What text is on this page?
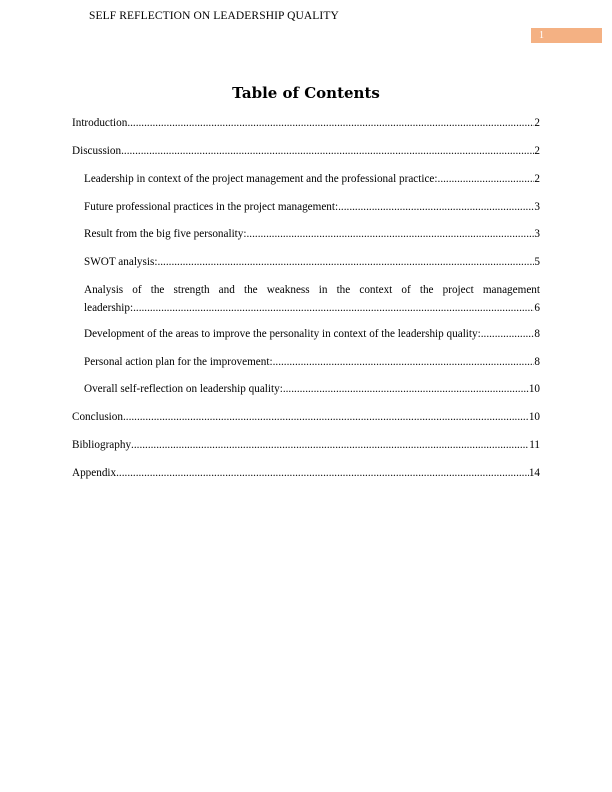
SELF REFLECTION ON LEADERSHIP QUALITY
1
Table of Contents
Introduction .....	2
Discussion .....	2
Leadership in context of the project management and the professional practice: .....	2
Future professional practices in the project management: .....	3
Result from the big five personality: .....	3
SWOT analysis: .....	5
Analysis of the strength and the weakness in the context of the project management
leadership: .....	6
Development of the areas to improve the personality in context of the leadership quality: .....	8
Personal action plan for the improvement: .....	8
Overall self-reflection on leadership quality: .....	10
Conclusion .....	10
Bibliography .....	11
Appendix .....	14
